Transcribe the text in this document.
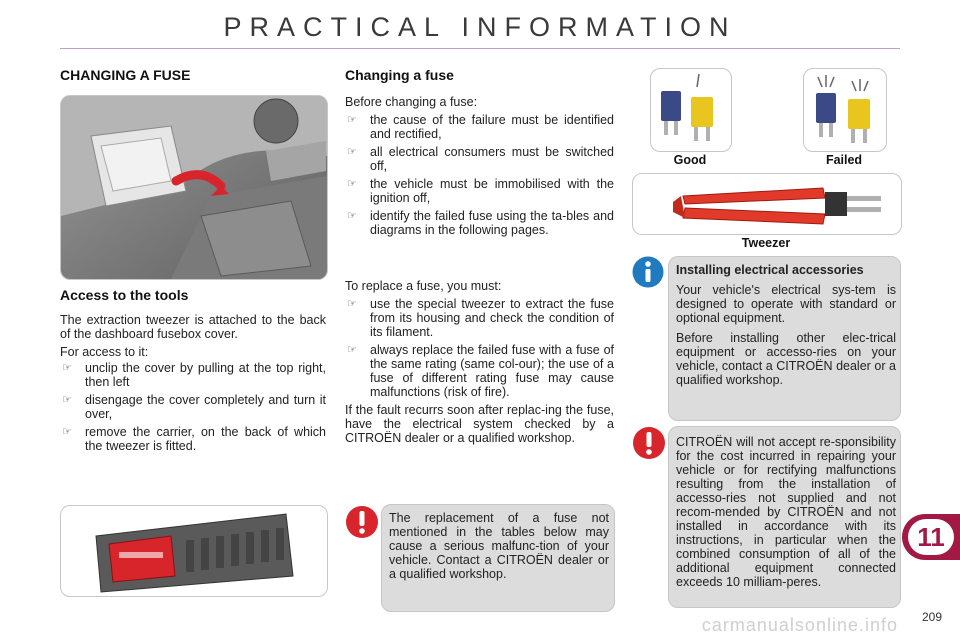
PRACTICAL INFORMATION
CHANGING A FUSE
Access to the tools

The extraction tweezer is attached to the back of the dashboard fusebox cover.

For access to it:

☞ unclip the cover by pulling at the top right, then left
☞ disengage the cover completely and turn it over,
☞ remove the carrier, on the back of which the tweezer is fitted.
Changing a fuse

Before changing a fuse:

☞ the cause of the failure must be identified and rectified,
☞ all electrical consumers must be switched off,
☞ the vehicle must be immobilised with the ignition off,
☞ identify the failed fuse using the ta-bles and diagrams in the following pages.

To replace a fuse, you must:

☞ use the special tweezer to extract the fuse from its housing and check the condition of its filament.
☞ always replace the failed fuse with a fuse of the same rating (same col-our); the use of a fuse of different rating fuse may cause malfunctions (risk of fire).

If the fault recurrs soon after replac-ing the fuse, have the electrical system checked by a CITROËN dealer or a qualified workshop.

The replacement of a fuse not mentioned in the tables below may cause a serious malfunc-tion of your vehicle. Contact a CITROËN dealer or a qualified workshop.

Good	Failed
Tweezer
Installing electrical accessories

Your vehicle's electrical sys-tem is designed to operate with standard or optional equipment.

Before installing other elec-trical equipment or accesso-ries on your vehicle, contact a CITROËN dealer or a qualified workshop.

CITROËN will not accept re-sponsibility for the cost incurred in repairing your vehicle or for rectifying malfunctions resulting from the installation of accesso-ries not supplied and not recom-mended by CITROËN and not installed in accordance with its instructions, in particular when the combined consumption of all of the additional equipment connected exceeds 10 milliam-peres.

11
209
carmanualsonline.info
